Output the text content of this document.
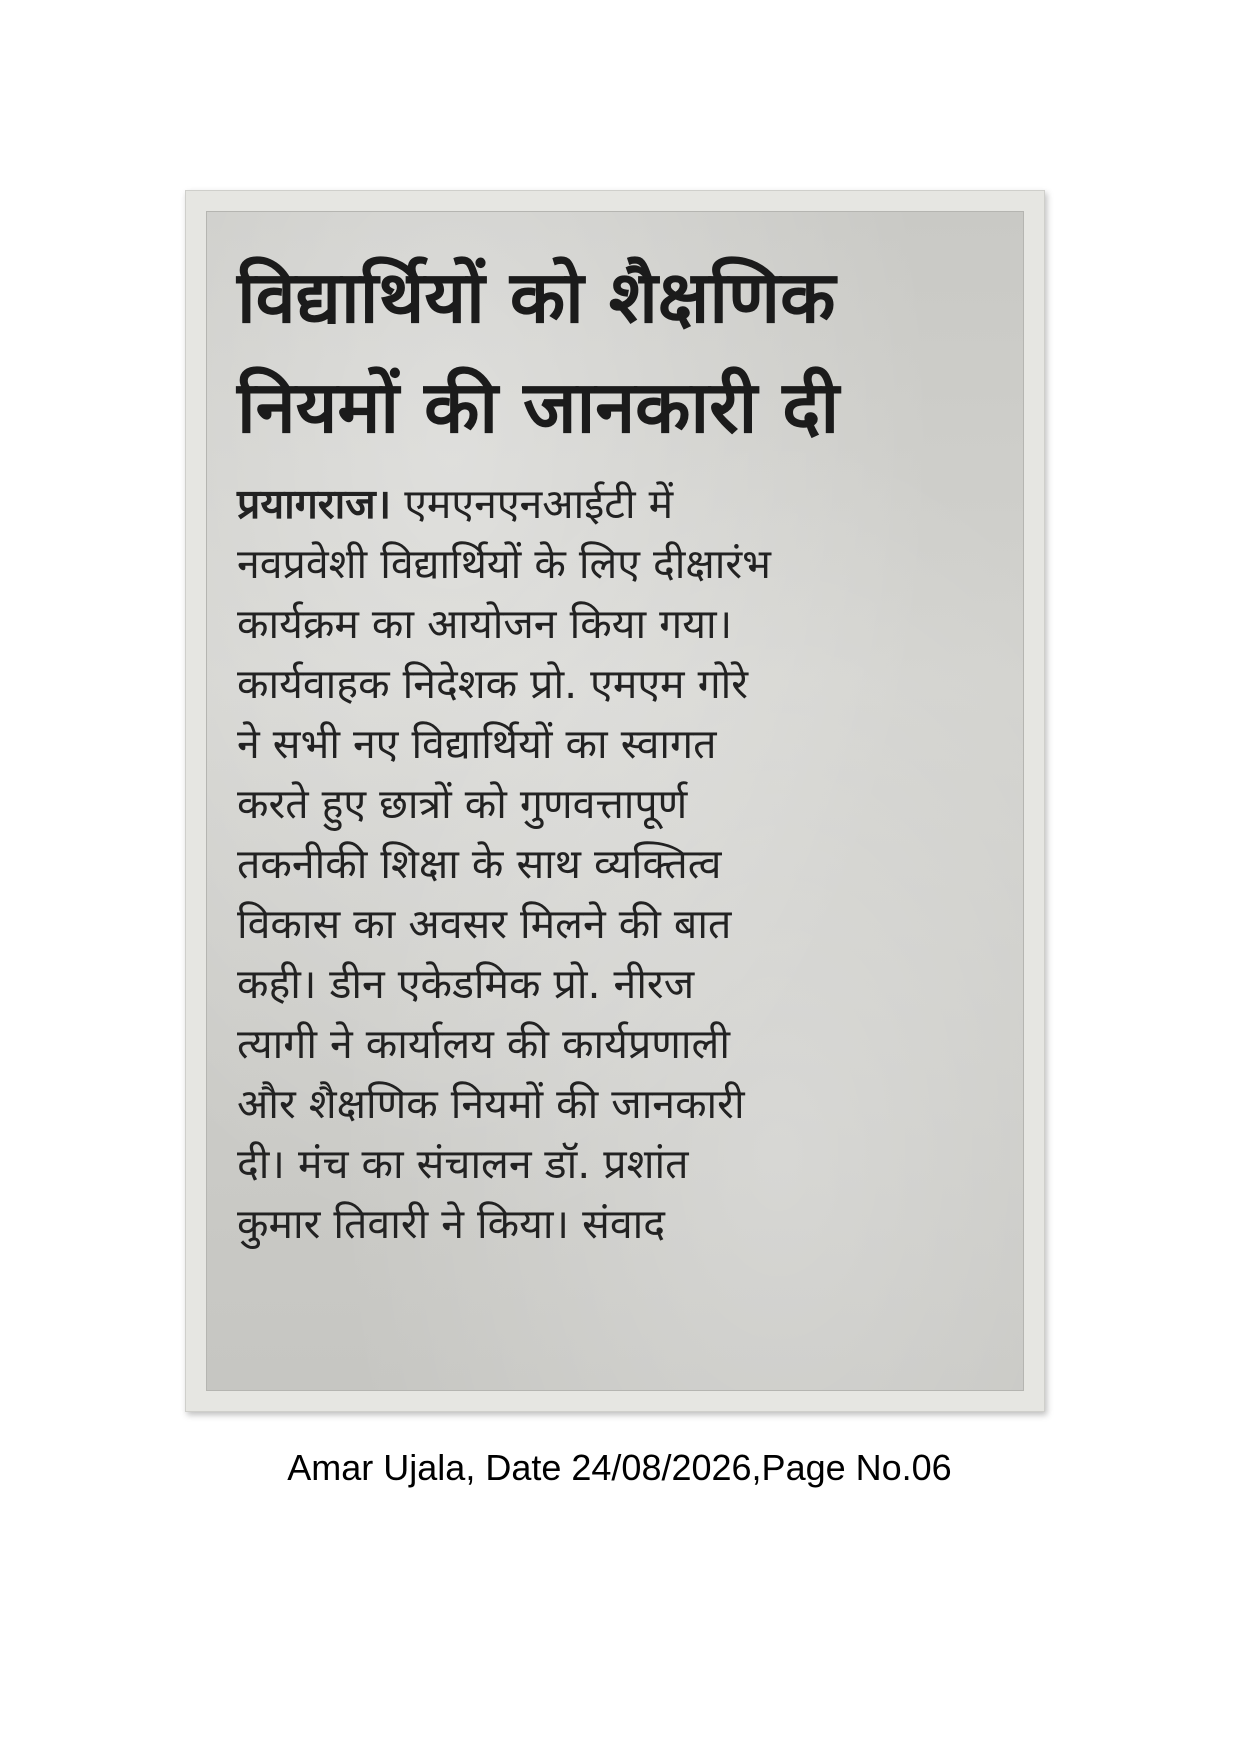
विद्यार्थियों को शैक्षणिक
नियमों की जानकारी दी
प्रयागराज। एमएनएनआईटी में
नवप्रवेशी विद्यार्थियों के लिए दीक्षारंभ
कार्यक्रम का आयोजन किया गया।
कार्यवाहक निदेशक प्रो. एमएम गोरे
ने सभी नए विद्यार्थियों का स्वागत
करते हुए छात्रों को गुणवत्तापूर्ण
तकनीकी शिक्षा के साथ व्यक्तित्व
विकास का अवसर मिलने की बात
कही। डीन एकेडमिक प्रो. नीरज
त्यागी ने कार्यालय की कार्यप्रणाली
और शैक्षणिक नियमों की जानकारी
दी। मंच का संचालन डॉ. प्रशांत
कुमार तिवारी ने किया। संवाद
Amar Ujala, Date 24/08/2026,Page No.06
